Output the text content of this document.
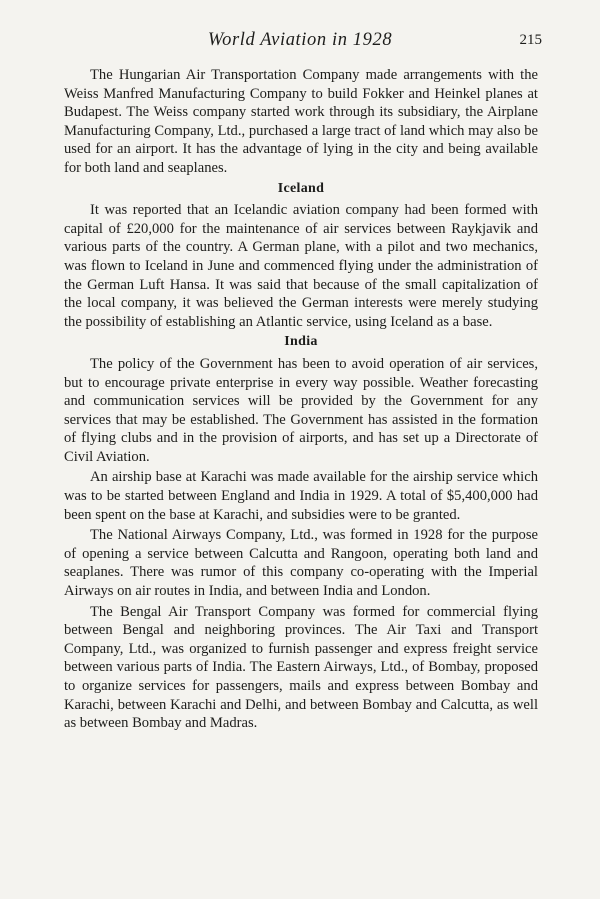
World Aviation in 1928	215

The Hungarian Air Transportation Company made arrangements with the Weiss Manfred Manufacturing Company to build Fokker and Heinkel planes at Budapest. The Weiss company started work through its subsidiary, the Airplane Manufacturing Company, Ltd., purchased a large tract of land which may also be used for an airport. It has the advantage of lying in the city and being available for both land and seaplanes.

Iceland

It was reported that an Icelandic aviation company had been formed with capital of £20,000 for the maintenance of air services between Raykjavik and various parts of the country. A German plane, with a pilot and two mechanics, was flown to Iceland in June and commenced flying under the administration of the German Luft Hansa. It was said that because of the small capitalization of the local company, it was believed the German interests were merely studying the possibility of establishing an Atlantic service, using Iceland as a base.

India

The policy of the Government has been to avoid operation of air services, but to encourage private enterprise in every way possible. Weather forecasting and communication services will be provided by the Government for any services that may be established. The Government has assisted in the formation of flying clubs and in the provision of airports, and has set up a Directorate of Civil Aviation.

An airship base at Karachi was made available for the airship service which was to be started between England and India in 1929. A total of $5,400,000 had been spent on the base at Karachi, and subsidies were to be granted.

The National Airways Company, Ltd., was formed in 1928 for the purpose of opening a service between Calcutta and Rangoon, operating both land and seaplanes. There was rumor of this company co-operating with the Imperial Airways on air routes in India, and between India and London.

The Bengal Air Transport Company was formed for commercial flying between Bengal and neighboring provinces. The Air Taxi and Transport Company, Ltd., was organized to furnish passenger and express freight service between various parts of India. The Eastern Airways, Ltd., of Bombay, proposed to organize services for passengers, mails and express between Bombay and Karachi, between Karachi and Delhi, and between Bombay and Calcutta, as well as between Bombay and Madras.
